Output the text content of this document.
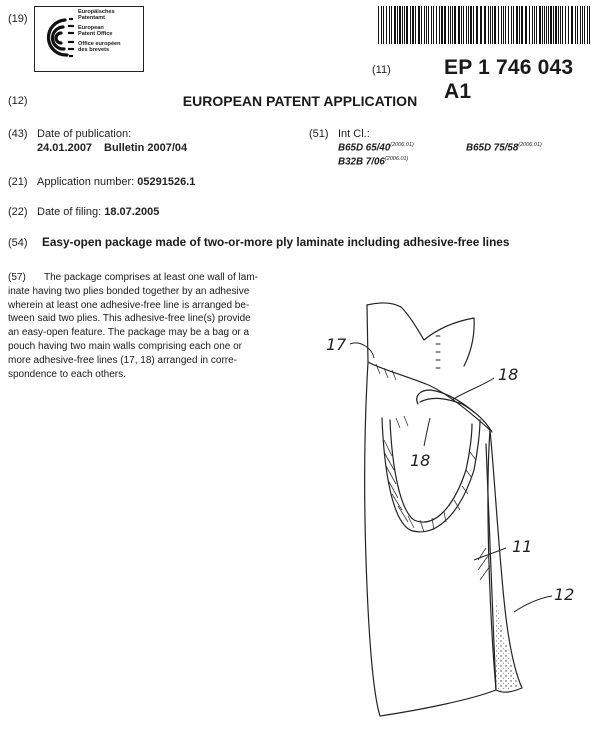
(19)
Europäisches
Patentamt
European
Patent Office
Office européen
des brevets
(11)	EP 1 746 043 A1
(12)	EUROPEAN PATENT APPLICATION
(43) Date of publication:
24.01.2007 Bulletin 2007/04
(51) Int Cl.:
B65D $65/40^{(2006.01)}$	B65D $75/58^{(2006.01)}$
B32B $7/06^{(2006.01)}$
(21) Application number: 05291526.1
(22) Date of filing: 18.07.2005
(54) Easy-open package made of two-or-more ply laminate including adhesive-free lines
(57) The package comprises at least one wall of lam-
inate having two plies bonded together by an adhesive
wherein at least one adhesive-free line is arranged be-
tween said two plies. This adhesive-free line(s) provide
an easy-open feature. The package may be a bag or a
pouch having two main walls comprising each one or
more adhesive-free lines (17, 18) arranged in corre-
spondence to each others.
17
18
18
11
12
